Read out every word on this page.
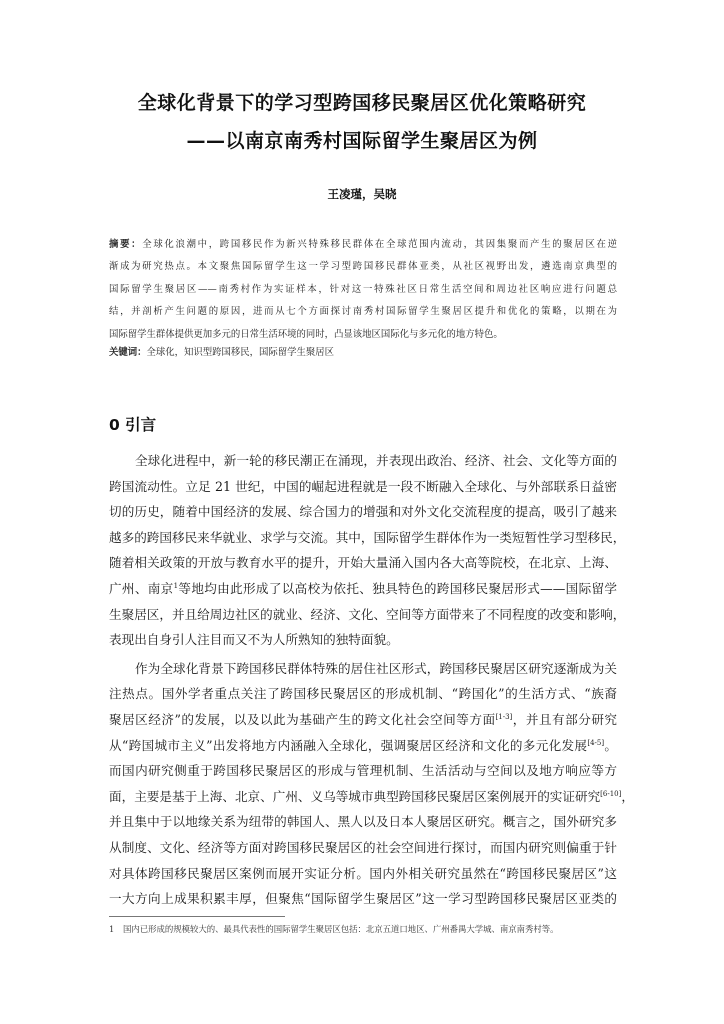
全球化背景下的学习型跨国移民聚居区优化策略研究
——以南京南秀村国际留学生聚居区为例
王凌瑾，吴晓
摘要：全球化浪潮中，跨国移民作为新兴特殊移民群体在全球范围内流动，其因集聚而产生的聚居区在逆
渐成为研究热点。本文聚焦国际留学生这一学习型跨国移民群体亚类，从社区视野出发，遴选南京典型的
国际留学生聚居区——南秀村作为实证样本，针对这一特殊社区日常生活空间和周边社区响应进行问题总
结，并剖析产生问题的原因，进而从七个方面探讨南秀村国际留学生聚居区提升和优化的策略，以期在为
国际留学生群体提供更加多元的日常生活环境的同时，凸显该地区国际化与多元化的地方特色。
关键词：全球化，知识型跨国移民，国际留学生聚居区
0 引言
全球化进程中，新一轮的移民潮正在涌现，并表现出政治、经济、社会、文化等方面的
跨国流动性。立足 21 世纪，中国的崛起进程就是一段不断融入全球化、与外部联系日益密
切的历史，随着中国经济的发展、综合国力的增强和对外文化交流程度的提高，吸引了越来
越多的跨国移民来华就业、求学与交流。其中，国际留学生群体作为一类短暂性学习型移民，
随着相关政策的开放与教育水平的提升，开始大量涌入国内各大高等院校，在北京、上海、
广州、南京$^1$等地均由此形成了以高校为依托、独具特色的跨国移民聚居形式——国际留学
生聚居区，并且给周边社区的就业、经济、文化、空间等方面带来了不同程度的改变和影响，
表现出自身引人注目而又不为人所熟知的独特面貌。
作为全球化背景下跨国移民群体特殊的居住社区形式，跨国移民聚居区研究逐渐成为关
注热点。国外学者重点关注了跨国移民聚居区的形成机制、“跨国化”的生活方式、“族裔
聚居区经济”的发展，以及以此为基础产生的跨文化社会空间等方面[1-3]，并且有部分研究
从“跨国城市主义”出发将地方内涵融入全球化，强调聚居区经济和文化的多元化发展[4-5]。
而国内研究侧重于跨国移民聚居区的形成与管理机制、生活活动与空间以及地方响应等方
面，主要是基于上海、北京、广州、义乌等城市典型跨国移民聚居区案例展开的实证研究[6-10]，
并且集中于以地缘关系为纽带的韩国人、黑人以及日本人聚居区研究。概言之，国外研究多
从制度、文化、经济等方面对跨国移民聚居区的社会空间进行探讨，而国内研究则偏重于针
对具体跨国移民聚居区案例而展开实证分析。国内外相关研究虽然在“跨国移民聚居区”这
一大方向上成果积累丰厚，但聚焦“国际留学生聚居区”这一学习型跨国移民聚居区亚类的
1 国内已形成的规模较大的、最具代表性的国际留学生聚居区包括：北京五道口地区、广州番禺大学城、南京南秀村等。
